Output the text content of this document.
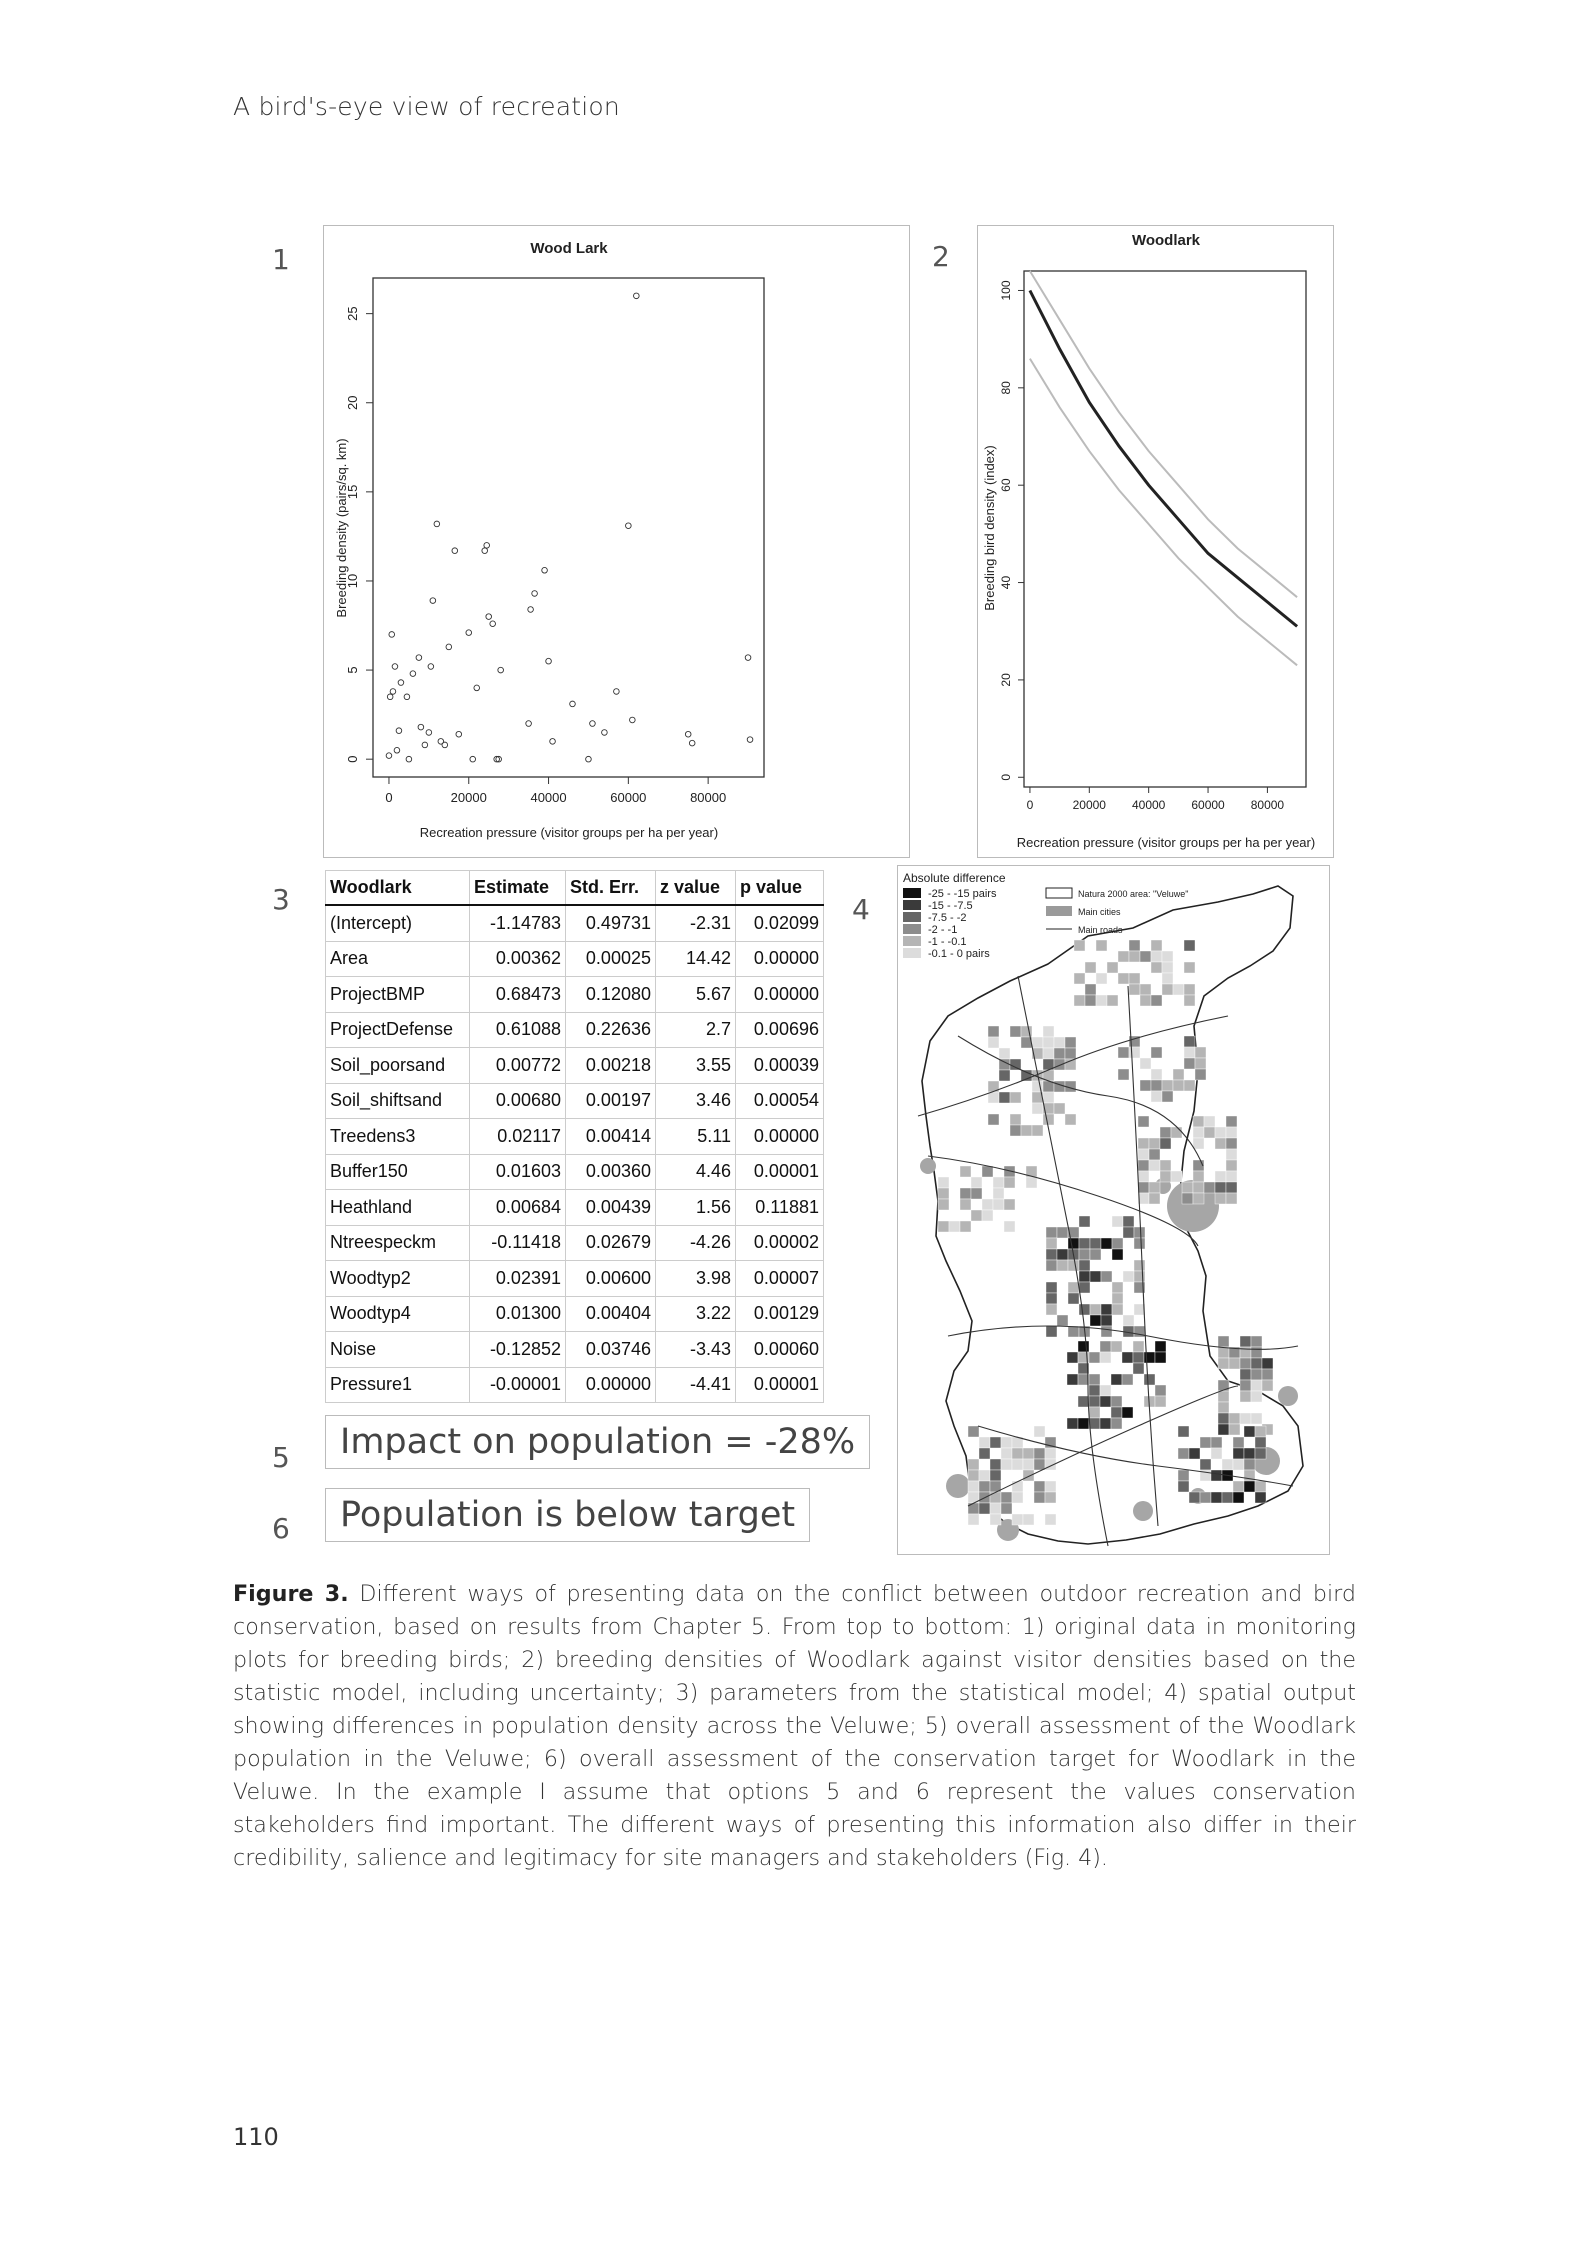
A bird's-eye view of recreation
1	2
3	4
5
6
Wood Lark
Recreation pressure (visitor groups per ha per year)
Breeding density (pairs/sq. km)
0	20000	40000	60000	80000
0
5
10
15
20
25
Woodlark
Recreation pressure (visitor groups per ha per year)
Breeding bird density (index)
0	20000 40000 60000 80000
0
20
40
60
80
100
Woodlark	Estimate	Std. Err.	z value	p value
(Intercept)	-1.14783	0.49731	-2.31	0.02099
Area	0.00362	0.00025	14.42	0.00000
ProjectBMP	0.68473	0.12080	5.67	0.00000
ProjectDefense	0.61088	0.22636	2.7	0.00696
Soil_poorsand	0.00772	0.00218	3.55	0.00039
Soil_shiftsand	0.00680	0.00197	3.46	0.00054
Treedens3	0.02117	0.00414	5.11	0.00000
Buffer150	0.01603	0.00360	4.46	0.00001
Heathland	0.00684	0.00439	1.56	0.11881
Ntreespeckm	-0.11418	0.02679	-4.26	0.00002
Woodtyp2	0.02391	0.00600	3.98	0.00007
Woodtyp4	0.01300	0.00404	3.22	0.00129
Noise	-0.12852	0.03746	-3.43	0.00060
Pressure1	-0.00001	0.00000	-4.41	0.00001
Absolute difference
-25 - -15 pairs
-15 - -7.5
-7.5 - -2
-2 - -1
-1 - -0.1
-0.1 - 0 pairs
Natura 2000 area: "Veluwe"
Main cities
Main roads
Impact on population = -28%
Population is below target
Figure 3. Different ways of presenting data on the conflict between outdoor recreation and bird conservation, based on results from Chapter 5. From top to bottom: 1) original data in monitoring plots for breeding birds; 2) breeding densities of Woodlark against visitor densities based on the statistic model, including uncertainty; 3) parameters from the statistical model; 4) spatial output showing differences in population density across the Veluwe; 5) overall assessment of the Woodlark population in the Veluwe; 6) overall assessment of the conservation target for Woodlark in the Veluwe. In the example I assume that options 5 and 6 represent the values conservation stakeholders find important. The different ways of presenting this information also differ in their credibility, salience and legitimacy for site managers and stakeholders (Fig. 4).
110
